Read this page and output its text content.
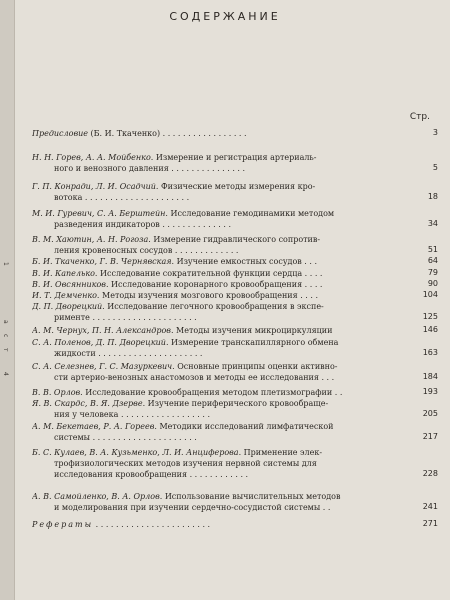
1
а
с
т
4
СОДЕРЖАНИЕ
Стр.
Предисловие (Б. И. Ткаченко) . . . . . . . . . . . . . . . . .	3
Н. Н. Горев, А. А. Мойбенко. Измерение и регистрация артериаль-
ного и венозного давления . . . . . . . . . . . . . . .	5
Г. П. Конради, Л. И. Осадчий. Физические методы измерения кро-
вотока . . . . . . . . . . . . . . . . . . . . .	18
М. И. Гуревич, С. А. Берштейн. Исследование гемодинамики методом
разведения индикаторов . . . . . . . . . . . . . .	34
В. М. Хаютин, А. Н. Рогоза. Измерение гидравлического сопротив-
ления кровеносных сосудов . . . . . . . . . . . . .	51
Б. И. Ткаченко, Г. В. Чернявская. Изучение емкостных сосудов . . .	64
В. И. Капелько. Исследование сократительной функции сердца . . . .	79
В. И. Овсянников. Исследование коронарного кровообращения . . . .	90
И. Т. Демченко. Методы изучения мозгового кровообращения . . . .	104
Д. П. Дворецкий. Исследование легочного кровообращения в экспе-
рименте . . . . . . . . . . . . . . . . . . . . .	125
А. М. Чернух, П. Н. Александров. Методы изучения микроциркуляции	146
С. А. Поленов, Д. П. Дворецкий. Измерение транскапиллярного обмена
жидкости . . . . . . . . . . . . . . . . . . . . .	163
С. А. Селезнев, Г. С. Мазуркевич. Основные принципы оценки активно-
сти артерио-венозных анастомозов и методы ее исследования . . .	184
В. В. Орлов. Исследование кровообращения методом плетизмографии . .	193
Я. В. Скардс, В. Я. Дзерве. Изучение периферического кровообраще-
ния у человека . . . . . . . . . . . . . . . . . .	205
А. М. Бекетаев, Р. А. Гореев. Методики исследований лимфатической
системы . . . . . . . . . . . . . . . . . . . . .	217
Б. С. Кулаев, В. А. Кузьменко, Л. И. Анциферова. Применение элек-
трофизиологических методов изучения нервной системы для
исследования кровообращения . . . . . . . . . . . .	228
А. В. Самойленко, В. А. Орлов. Использование вычислительных методов
и моделирования при изучении сердечно-сосудистой системы . .	241
Рефераты . . . . . . . . . . . . . . . . . . . . . . .	271
